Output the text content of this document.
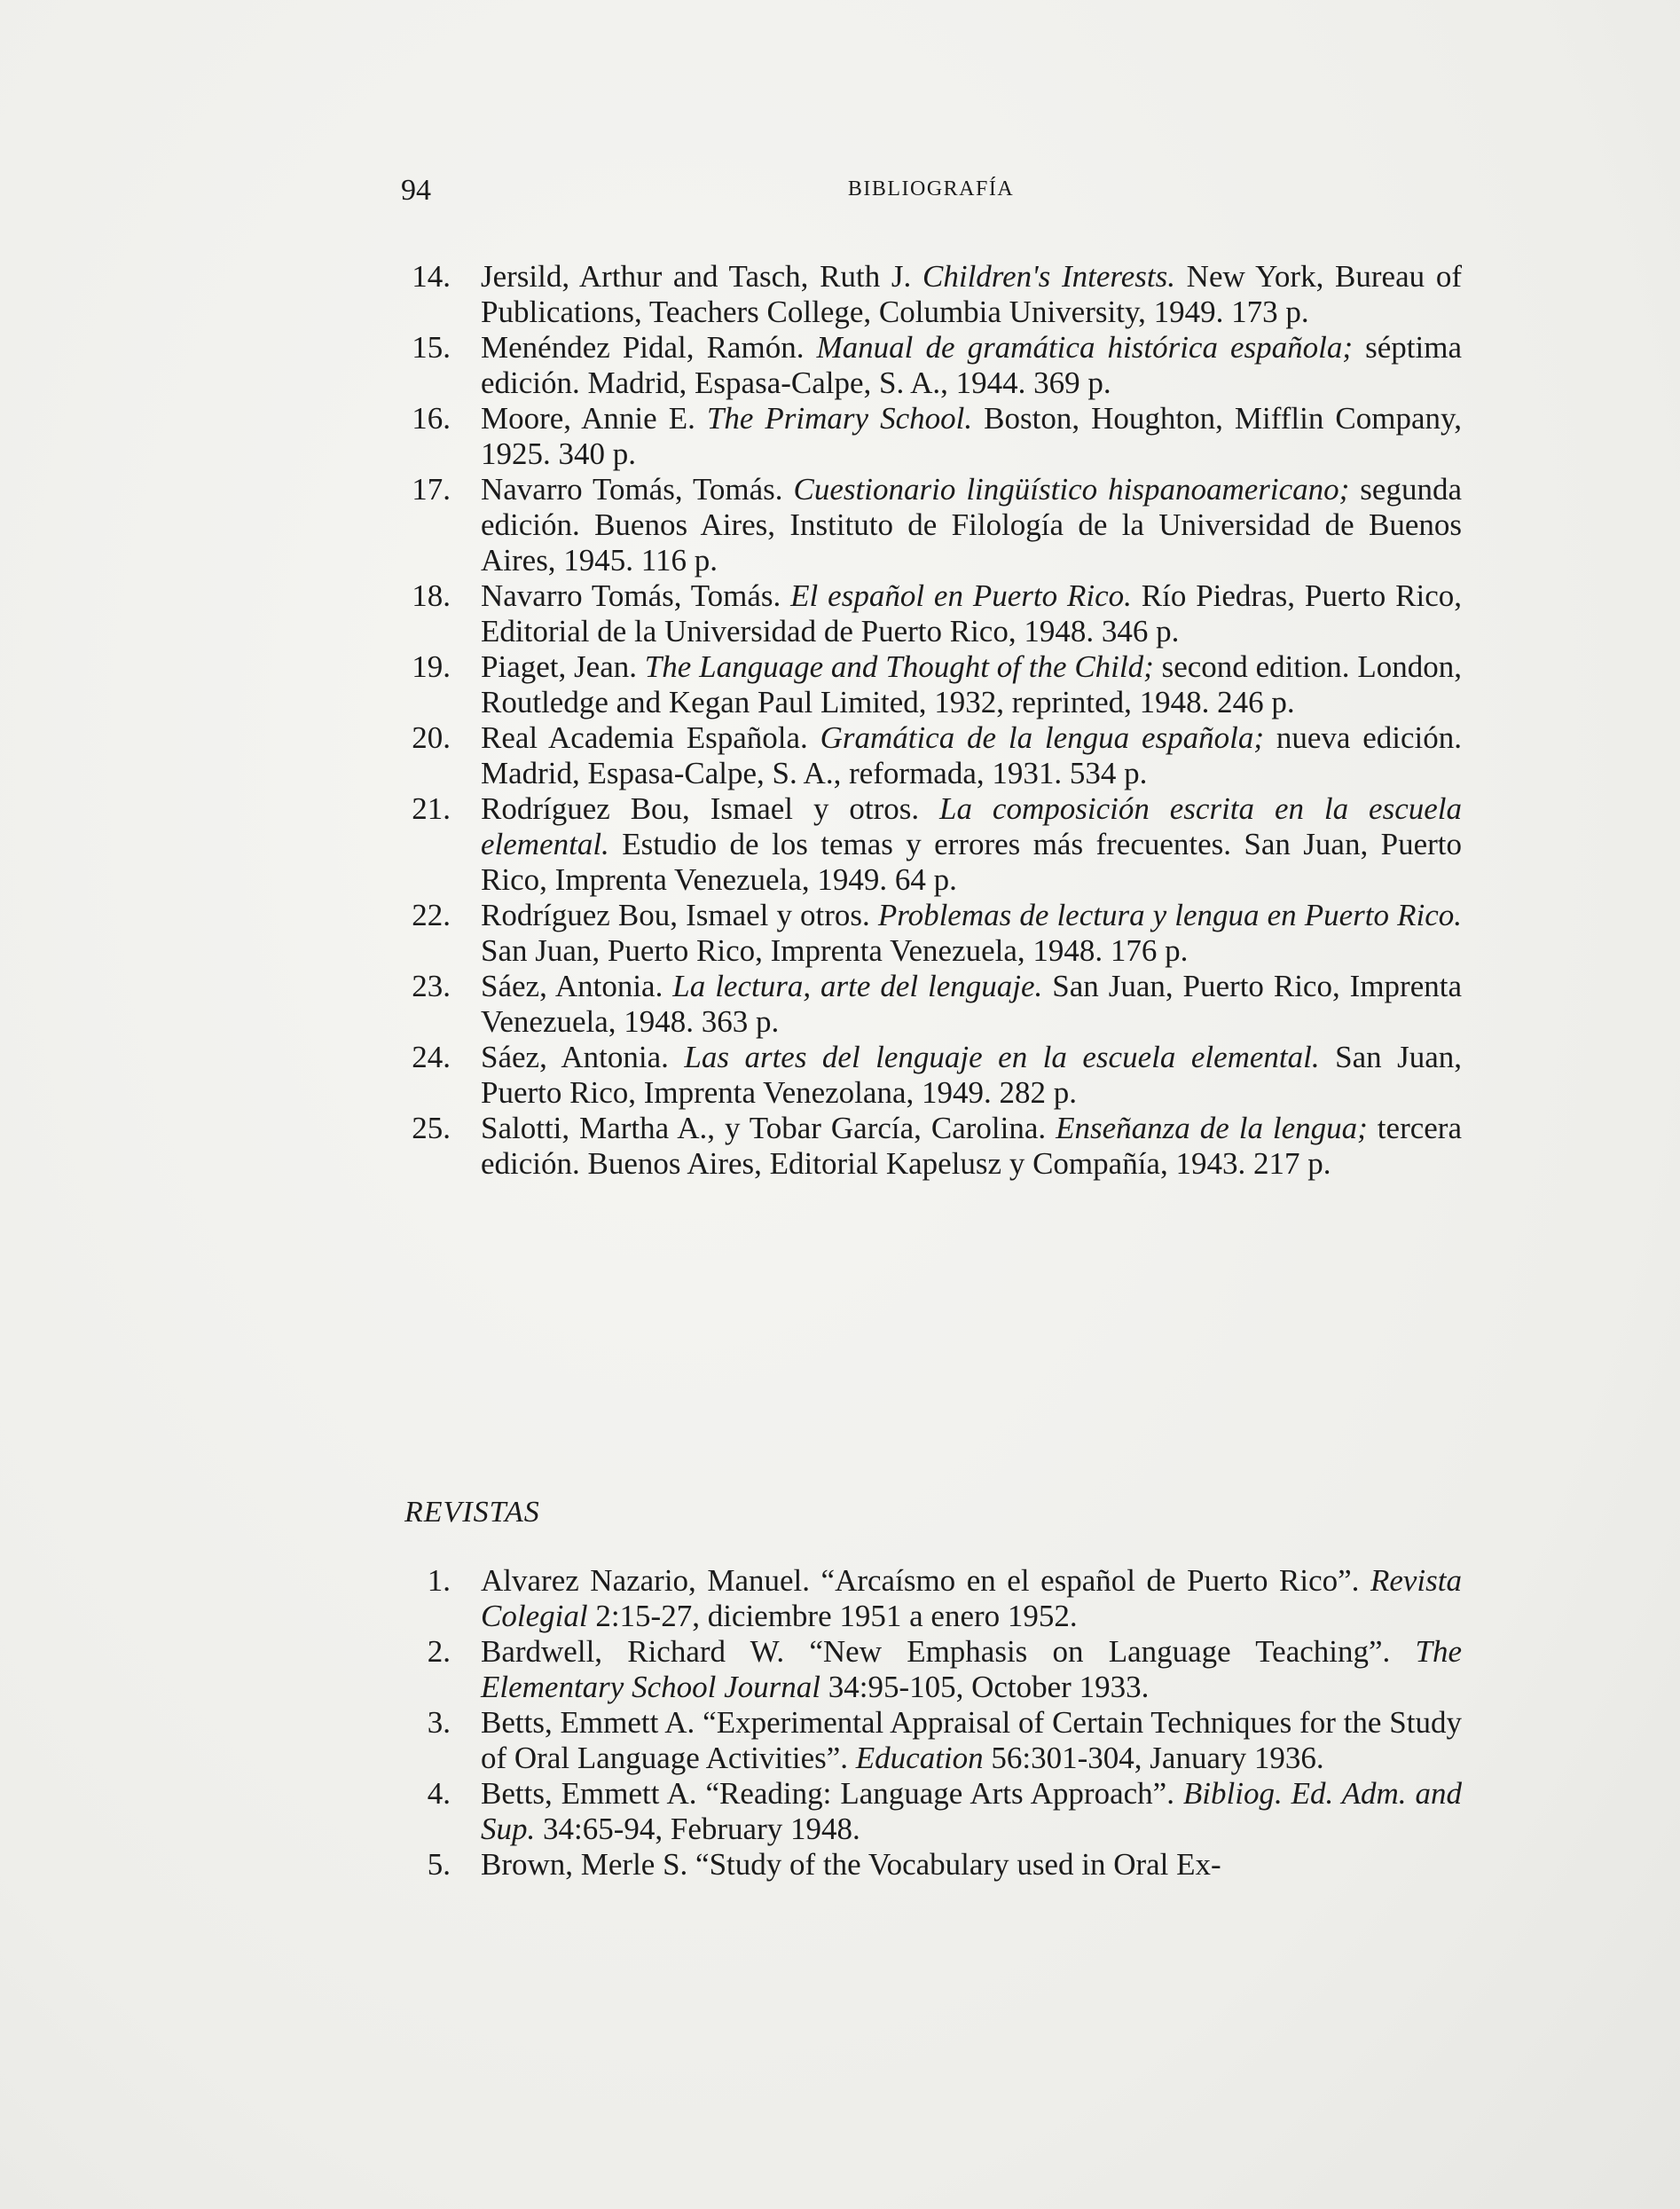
94	BIBLIOGRAFÍA

14. Jersild, Arthur and Tasch, Ruth J. Children's Interests. New York, Bureau of Publications, Teachers College, Columbia University, 1949. 173 p.

15. Menéndez Pidal, Ramón. Manual de gramática histórica española; séptima edición. Madrid, Espasa-Calpe, S. A., 1944. 369 p.

16. Moore, Annie E. The Primary School. Boston, Houghton, Mifflin Company, 1925. 340 p.

17. Navarro Tomás, Tomás. Cuestionario lingüístico hispanoamericano; segunda edición. Buenos Aires, Instituto de Filología de la Universidad de Buenos Aires, 1945. 116 p.

18. Navarro Tomás, Tomás. El español en Puerto Rico. Río Piedras, Puerto Rico, Editorial de la Universidad de Puerto Rico, 1948. 346 p.

19. Piaget, Jean. The Language and Thought of the Child; second edition. London, Routledge and Kegan Paul Limited, 1932, reprinted, 1948. 246 p.

20. Real Academia Española. Gramática de la lengua española; nueva edición. Madrid, Espasa-Calpe, S. A., reformada, 1931. 534 p.

21. Rodríguez Bou, Ismael y otros. La composición escrita en la escuela elemental. Estudio de los temas y errores más frecuentes. San Juan, Puerto Rico, Imprenta Venezuela, 1949. 64 p.

22. Rodríguez Bou, Ismael y otros. Problemas de lectura y lengua en Puerto Rico. San Juan, Puerto Rico, Imprenta Venezuela, 1948. 176 p.

23. Sáez, Antonia. La lectura, arte del lenguaje. San Juan, Puerto Rico, Imprenta Venezuela, 1948. 363 p.

24. Sáez, Antonia. Las artes del lenguaje en la escuela elemental. San Juan, Puerto Rico, Imprenta Venezolana, 1949. 282 p.

25. Salotti, Martha A., y Tobar García, Carolina. Enseñanza de la lengua; tercera edición. Buenos Aires, Editorial Kapelusz y Compañía, 1943. 217 p.

REVISTAS

1. Alvarez Nazario, Manuel. “Arcaísmo en el español de Puerto Rico”. Revista Colegial 2:15-27, diciembre 1951 a enero 1952.

2. Bardwell, Richard W. “New Emphasis on Language Teaching”. The Elementary School Journal 34:95-105, October 1933.

3. Betts, Emmett A. “Experimental Appraisal of Certain Techniques for the Study of Oral Language Activities”. Education 56:301-304, January 1936.

4. Betts, Emmett A. “Reading: Language Arts Approach”. Bibliog. Ed. Adm. and Sup. 34:65-94, February 1948.

5. Brown, Merle S. “Study of the Vocabulary used in Oral Ex-
